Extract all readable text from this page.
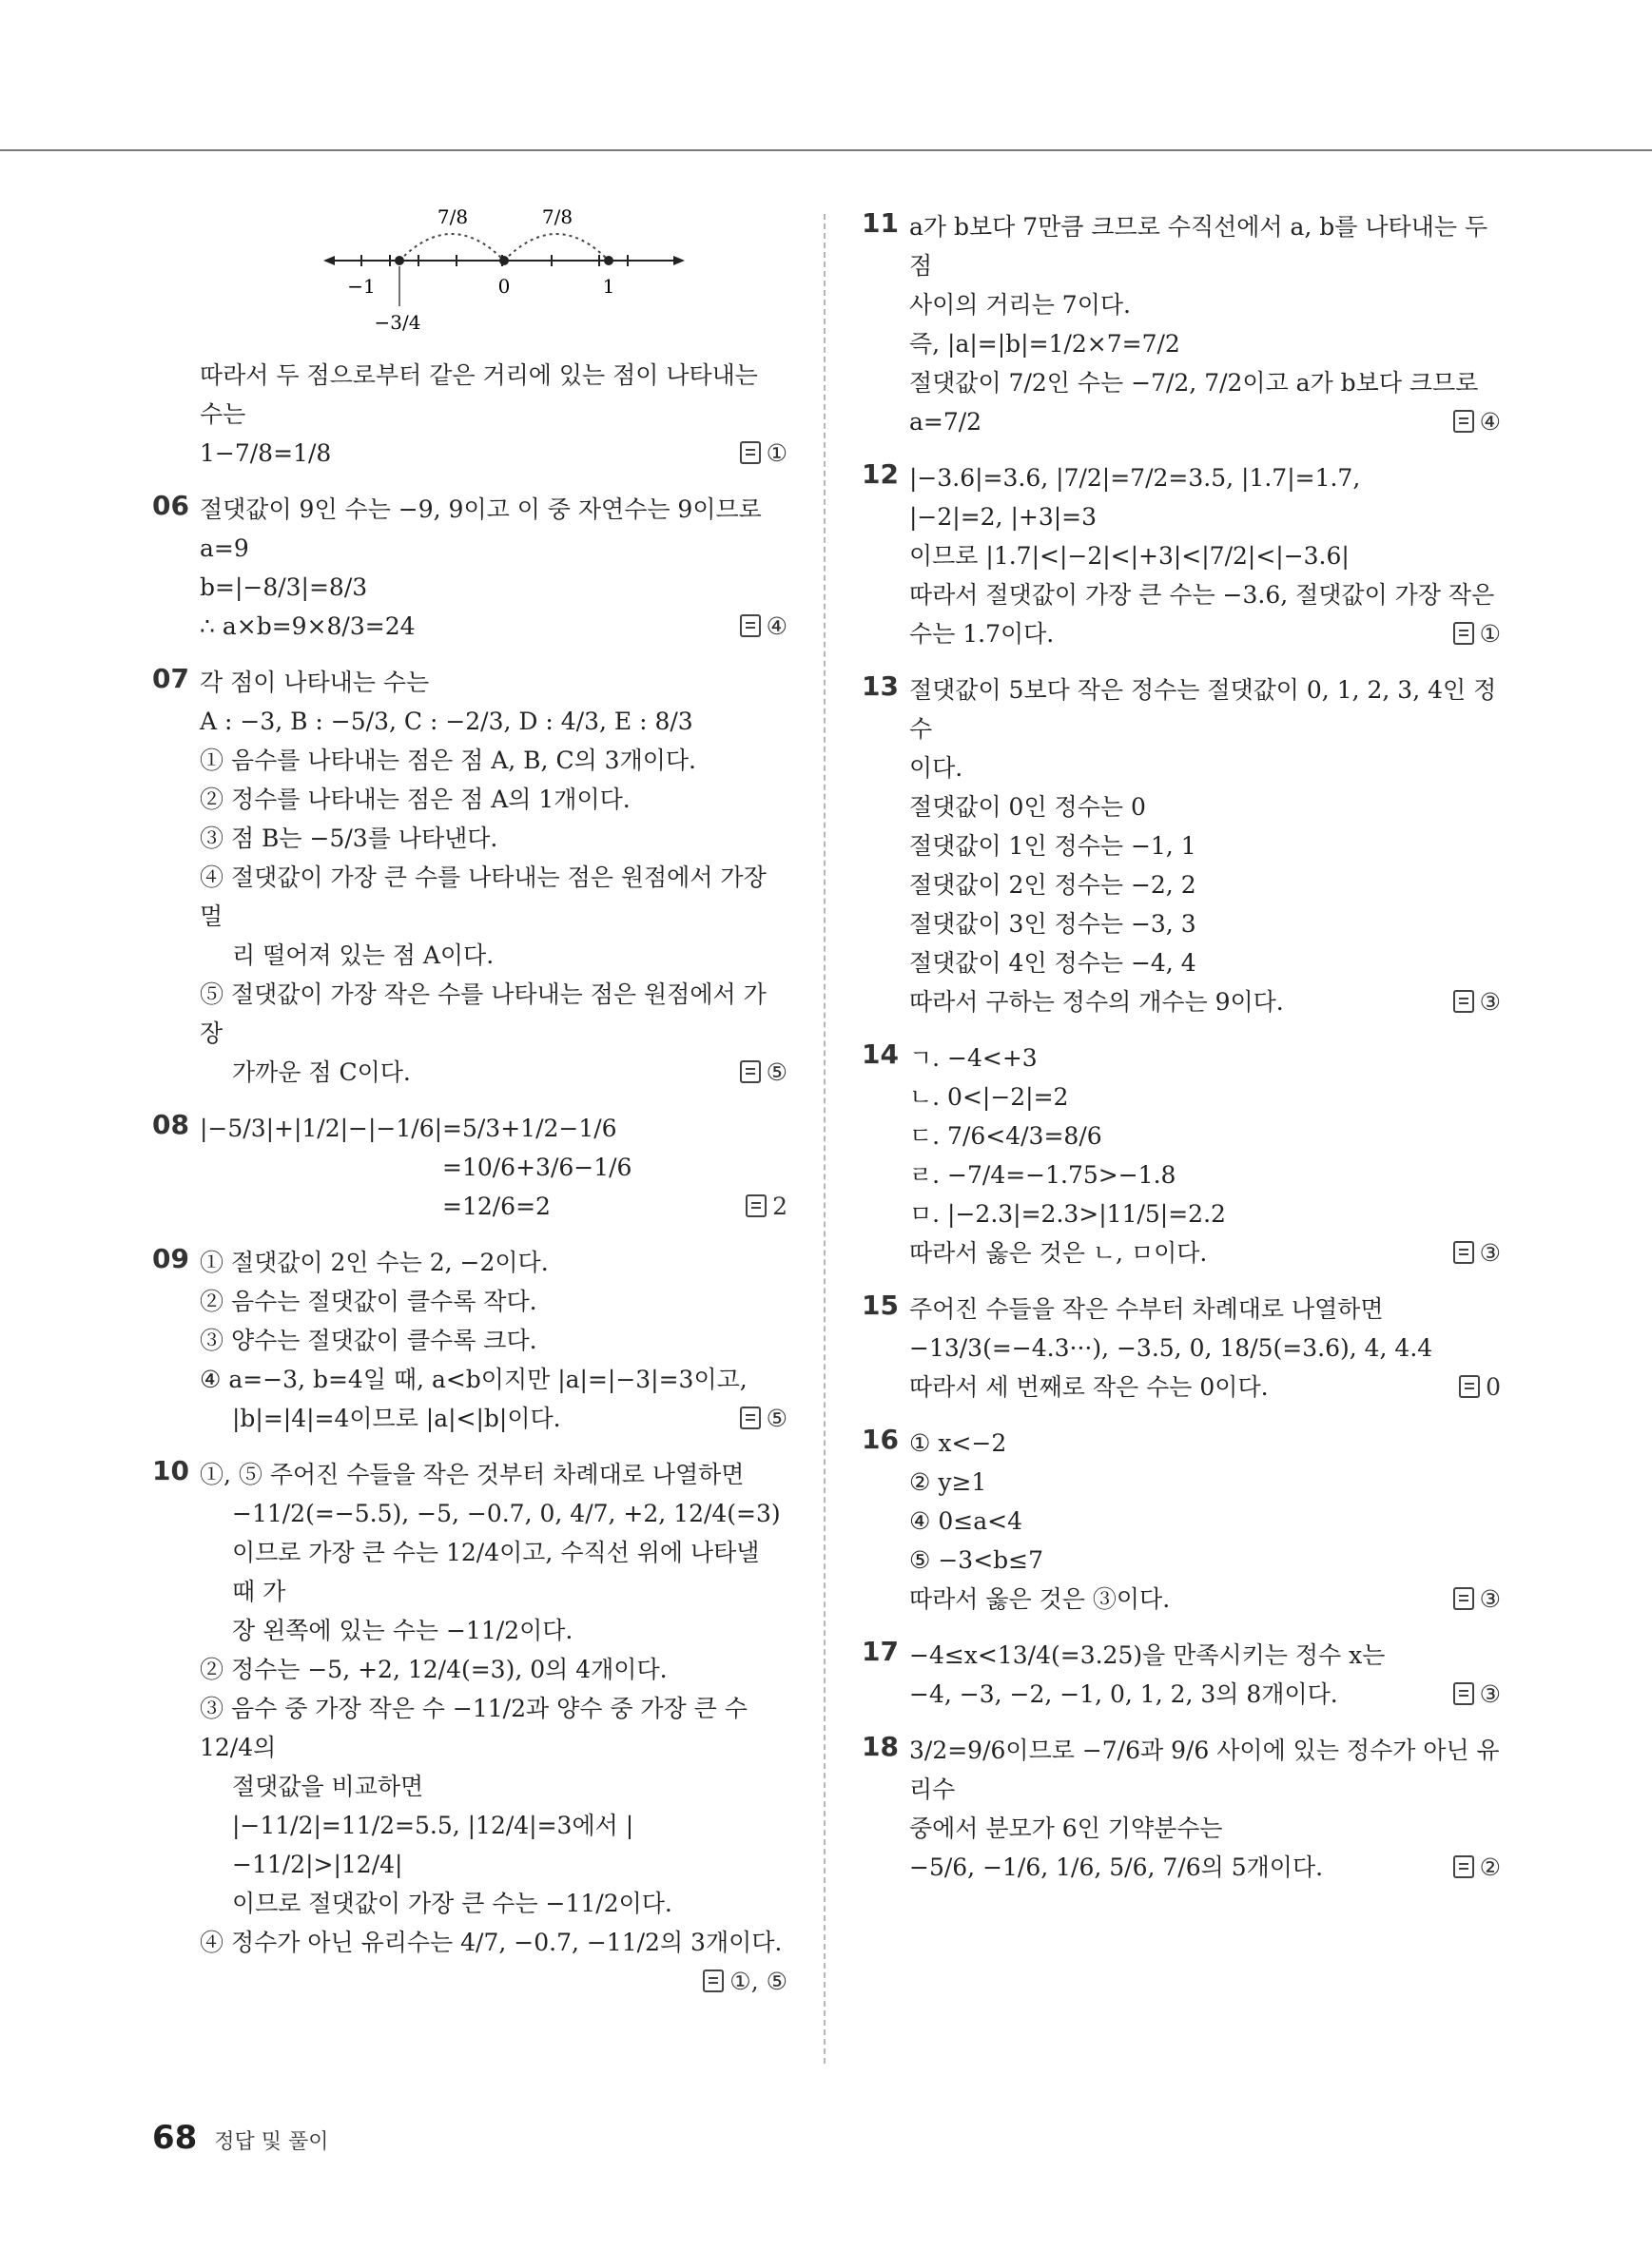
7/8	7/8
−1	0	1
−3/4
따라서 두 점으로부터 같은 거리에 있는 점이 나타내는 수는
①
1−7/8=1/8
06 절댓값이 9인 수는 −9, 9이고 이 중 자연수는 9이므로 a=9
b=|−8/3|=8/3
④
∴ a×b=9×8/3=24
07 각 점이 나타내는 수는
A : −3, B : −5/3, C : −2/3, D : 4/3, E : 8/3
① 음수를 나타내는 점은 점 A, B, C의 3개이다.
② 정수를 나타내는 점은 점 A의 1개이다.
③ 점 B는 −5/3를 나타낸다.
④ 절댓값이 가장 큰 수를 나타내는 점은 원점에서 가장 멀
리 떨어져 있는 점 A이다.
⑤ 절댓값이 가장 작은 수를 나타내는 점은 원점에서 가장
⑤
가까운 점 C이다.
08 |−5/3|+|1/2|−|−1/6|=5/3+1/2−1/6
=10/6+3/6−1/6
2
=12/6=2
09 ① 절댓값이 2인 수는 2, −2이다.
② 음수는 절댓값이 클수록 작다.
③ 양수는 절댓값이 클수록 크다.
④ a=−3, b=4일 때, a<b이지만 |a|=|−3|=3이고,
⑤
|b|=|4|=4이므로 |a|<|b|이다.
10 ①, ⑤ 주어진 수들을 작은 것부터 차례대로 나열하면
−11/2(=−5.5), −5, −0.7, 0, 4/7, +2, 12/4(=3)
이므로 가장 큰 수는 12/4이고, 수직선 위에 나타낼 때 가
장 왼쪽에 있는 수는 −11/2이다.
② 정수는 −5, +2, 12/4(=3), 0의 4개이다.
③ 음수 중 가장 작은 수 −11/2과 양수 중 가장 큰 수 12/4의
절댓값을 비교하면
|−11/2|=11/2=5.5, |12/4|=3에서 |−11/2|>|12/4|
이므로 절댓값이 가장 큰 수는 −11/2이다.
④ 정수가 아닌 유리수는 4/7, −0.7, −11/2의 3개이다.
①, ⑤
11 a가 b보다 7만큼 크므로 수직선에서 a, b를 나타내는 두 점
사이의 거리는 7이다.
즉, |a|=|b|=1/2×7=7/2
절댓값이 7/2인 수는 −7/2, 7/2이고 a가 b보다 크므로
④
a=7/2
12 |−3.6|=3.6, |7/2|=7/2=3.5, |1.7|=1.7,
|−2|=2, |+3|=3
이므로 |1.7|<|−2|<|+3|<|7/2|<|−3.6|
따라서 절댓값이 가장 큰 수는 −3.6, 절댓값이 가장 작은
①
수는 1.7이다.
13 절댓값이 5보다 작은 정수는 절댓값이 0, 1, 2, 3, 4인 정수
이다.
절댓값이 0인 정수는 0
절댓값이 1인 정수는 −1, 1
절댓값이 2인 정수는 −2, 2
절댓값이 3인 정수는 −3, 3
절댓값이 4인 정수는 −4, 4
③
따라서 구하는 정수의 개수는 9이다.
14 ㄱ. −4<+3
ㄴ. 0<|−2|=2
ㄷ. 7/6<4/3=8/6
ㄹ. −7/4=−1.75>−1.8
ㅁ. |−2.3|=2.3>|11/5|=2.2
③
따라서 옳은 것은 ㄴ, ㅁ이다.
15 주어진 수들을 작은 수부터 차례대로 나열하면
−13/3(=−4.3···), −3.5, 0, 18/5(=3.6), 4, 4.4
0
따라서 세 번째로 작은 수는 0이다.
16 ① x<−2
② y≥1
④ 0≤a<4
⑤ −3<b≤7
③
따라서 옳은 것은 ③이다.
17 −4≤x<13/4(=3.25)을 만족시키는 정수 x는
③
−4, −3, −2, −1, 0, 1, 2, 3의 8개이다.
18 3/2=9/6이므로 −7/6과 9/6 사이에 있는 정수가 아닌 유리수
중에서 분모가 6인 기약분수는
②
−5/6, −1/6, 1/6, 5/6, 7/6의 5개이다.
68 정답 및 풀이
